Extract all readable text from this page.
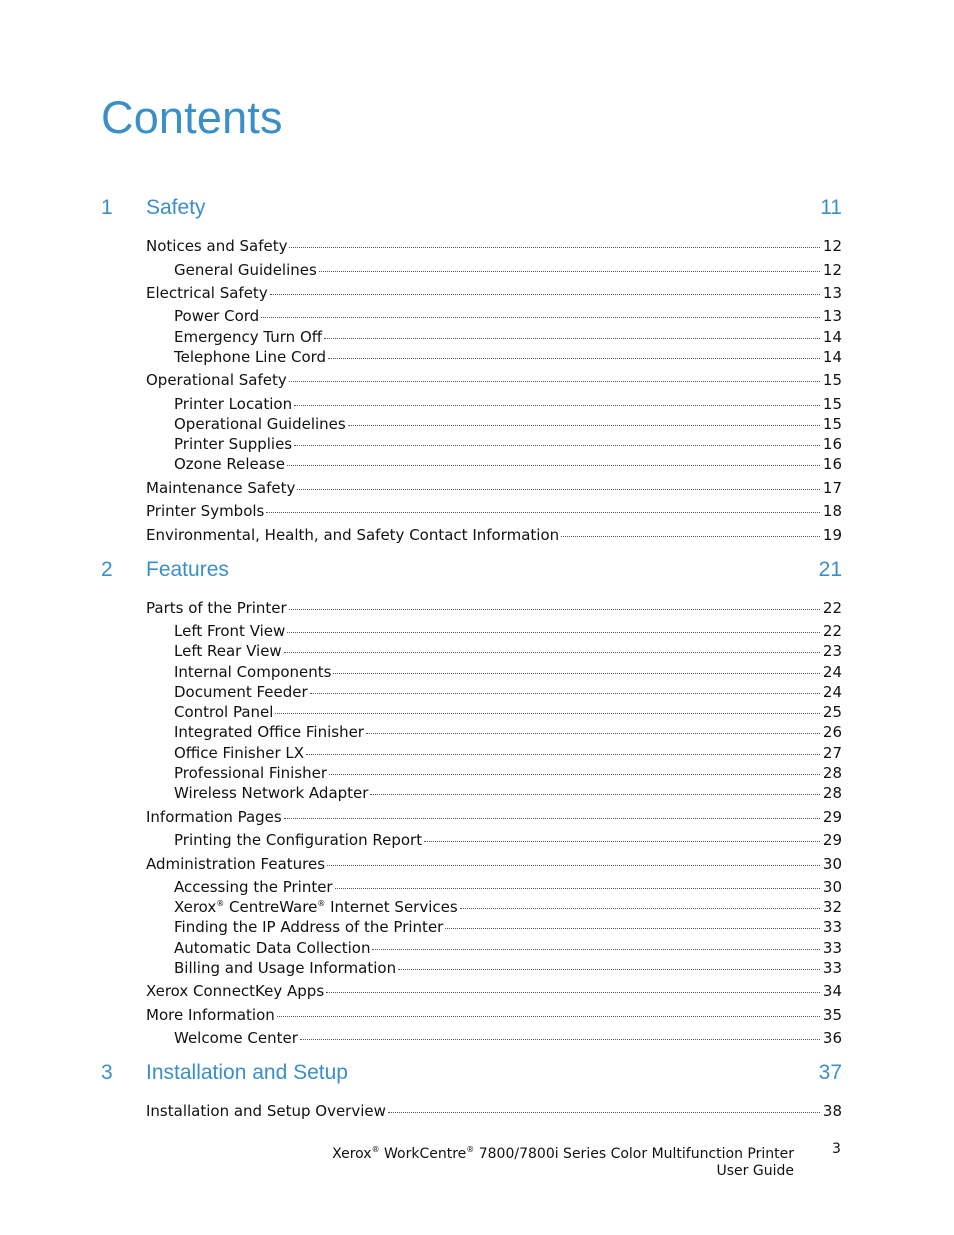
Contents
1 Safety	11
Notices and Safety	12
General Guidelines	12
Electrical Safety	13
Power Cord	13
Emergency Turn Off	14
Telephone Line Cord	14
Operational Safety	15
Printer Location	15
Operational Guidelines	15
Printer Supplies	16
Ozone Release	16
Maintenance Safety	17
Printer Symbols	18
Environmental, Health, and Safety Contact Information	19
2 Features	21
Parts of the Printer	22
Left Front View	22
Left Rear View	23
Internal Components	24
Document Feeder	24
Control Panel	25
Integrated Office Finisher	26
Office Finisher LX	27
Professional Finisher	28
Wireless Network Adapter	28
Information Pages	29
Printing the Configuration Report	29
Administration Features	30
Accessing the Printer	30
Xerox® CentreWare® Internet Services	32
Finding the IP Address of the Printer	33
Automatic Data Collection	33
Billing and Usage Information	33
Xerox ConnectKey Apps	34
More Information	35
Welcome Center	36
3 Installation and Setup	37
Installation and Setup Overview	38
Xerox® WorkCentre® 7800/7800i Series Color Multifunction Printer
User Guide
3
